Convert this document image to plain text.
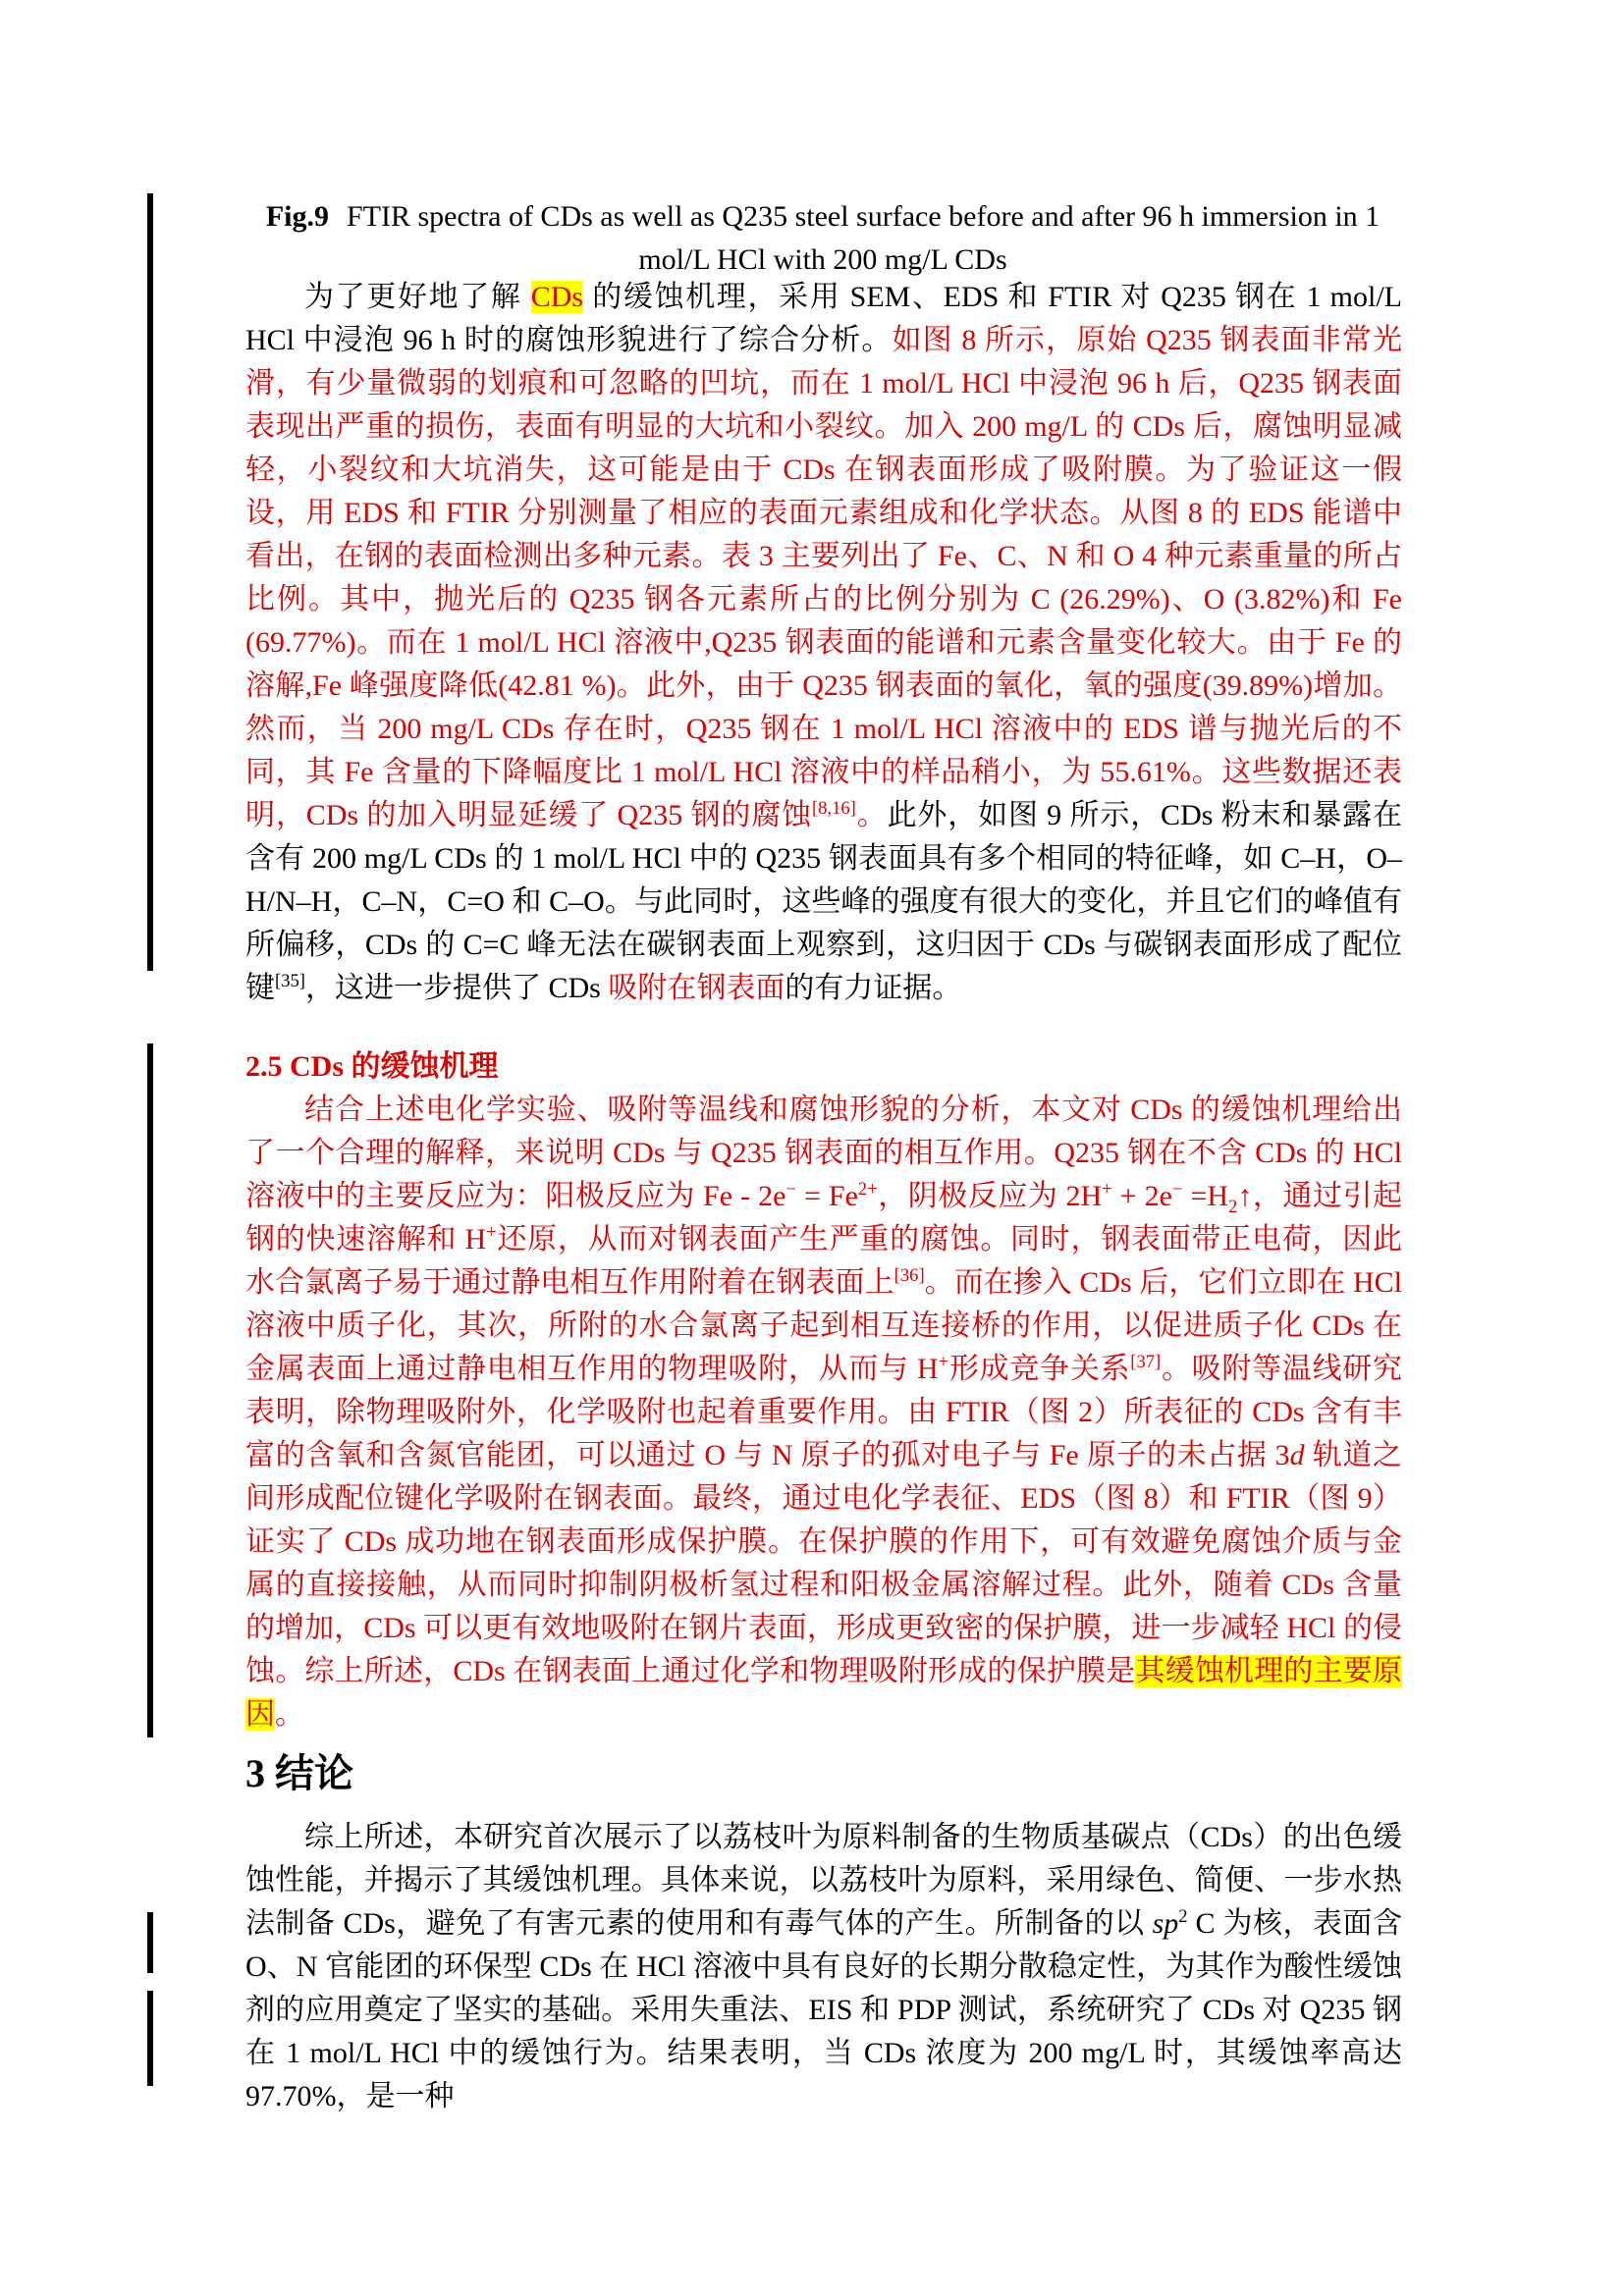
Fig.9 FTIR spectra of CDs as well as Q235 steel surface before and after 96 h immersion in 1
mol/L HCl with 200 mg/L CDs

为了更好地了解 CDs 的缓蚀机理，采用 SEM、EDS 和 FTIR 对 Q235 钢在 1 mol/L HCl 中浸泡 96 h 时的腐蚀形貌进行了综合分析。如图 8 所示，原始 Q235 钢表面非常光滑，有少量微弱的划痕和可忽略的凹坑，而在 1 mol/L HCl 中浸泡 96 h 后，Q235 钢表面表现出严重的损伤，表面有明显的大坑和小裂纹。加入 200 mg/L 的 CDs 后，腐蚀明显减轻，小裂纹和大坑消失，这可能是由于 CDs 在钢表面形成了吸附膜。为了验证这一假设，用 EDS 和 FTIR 分别测量了相应的表面元素组成和化学状态。从图 8 的 EDS 能谱中看出，在钢的表面检测出多种元素。表 3 主要列出了 Fe、C、N 和 O 4 种元素重量的所占比例。其中，抛光后的 Q235 钢各元素所占的比例分别为 C (26.29%)、O (3.82%)和 Fe (69.77%)。而在 1 mol/L HCl 溶液中,Q235 钢表面的能谱和元素含量变化较大。由于 Fe 的溶解,Fe 峰强度降低(42.81 %)。此外，由于 Q235 钢表面的氧化，氧的强度(39.89%)增加。然而，当 200 mg/L CDs 存在时，Q235 钢在 1 mol/L HCl 溶液中的 EDS 谱与抛光后的不同，其 Fe 含量的下降幅度比 1 mol/L HCl 溶液中的样品稍小，为 55.61%。这些数据还表明，CDs 的加入明显延缓了 Q235 钢的腐蚀[8,16]。此外，如图 9 所示，CDs 粉末和暴露在含有 200 mg/L CDs 的 1 mol/L HCl 中的 Q235 钢表面具有多个相同的特征峰，如 C–H，O–H/N–H，C–N，C=O 和 C–O。与此同时，这些峰的强度有很大的变化，并且它们的峰值有所偏移，CDs 的 C=C 峰无法在碳钢表面上观察到，这归因于 CDs 与碳钢表面形成了配位键[35]，这进一步提供了 CDs 吸附在钢表面的有力证据。

2.5 CDs 的缓蚀机理

结合上述电化学实验、吸附等温线和腐蚀形貌的分析，本文对 CDs 的缓蚀机理给出了一个合理的解释，来说明 CDs 与 Q235 钢表面的相互作用。Q235 钢在不含 CDs 的 HCl 溶液中的主要反应为：阳极反应为 $Fe - 2e^- = Fe^{2+}$，阴极反应为 $2H^+ + 2e^- =H_2↑$，通过引起钢的快速溶解和 H+还原，从而对钢表面产生严重的腐蚀。同时，钢表面带正电荷，因此水合氯离子易于通过静电相互作用附着在钢表面上[36]。而在掺入 CDs 后，它们立即在 HCl 溶液中质子化，其次，所附的水合氯离子起到相互连接桥的作用，以促进质子化 CDs 在金属表面上通过静电相互作用的物理吸附，从而与 H+形成竞争关系[37]。吸附等温线研究表明，除物理吸附外，化学吸附也起着重要作用。由 FTIR（图 2）所表征的 CDs 含有丰富的含氧和含氮官能团，可以通过 O 与 N 原子的孤对电子与 Fe 原子的未占据 3d 轨道之间形成配位键化学吸附在钢表面。最终，通过电化学表征、EDS（图 8）和 FTIR（图 9）证实了 CDs 成功地在钢表面形成保护膜。在保护膜的作用下，可有效避免腐蚀介质与金属的直接接触，从而同时抑制阴极析氢过程和阳极金属溶解过程。此外，随着 CDs 含量的增加，CDs 可以更有效地吸附在钢片表面，形成更致密的保护膜，进一步减轻 HCl 的侵蚀。综上所述，CDs 在钢表面上通过化学和物理吸附形成的保护膜是其缓蚀机理的主要原因。

3 结论

综上所述，本研究首次展示了以荔枝叶为原料制备的生物质基碳点（CDs）的出色缓蚀性能，并揭示了其缓蚀机理。具体来说，以荔枝叶为原料，采用绿色、简便、一步水热法制备 CDs，避免了有害元素的使用和有毒气体的产生。所制备的以 $sp^2$ C 为核，表面含 O、N 官能团的环保型 CDs 在 HCl 溶液中具有良好的长期分散稳定性，为其作为酸性缓蚀剂的应用奠定了坚实的基础。采用失重法、EIS 和 PDP 测试，系统研究了 CDs 对 Q235 钢在 1 mol/L HCl 中的缓蚀行为。结果表明，当 CDs 浓度为 200 mg/L 时，其缓蚀率高达 97.70%，是一种
